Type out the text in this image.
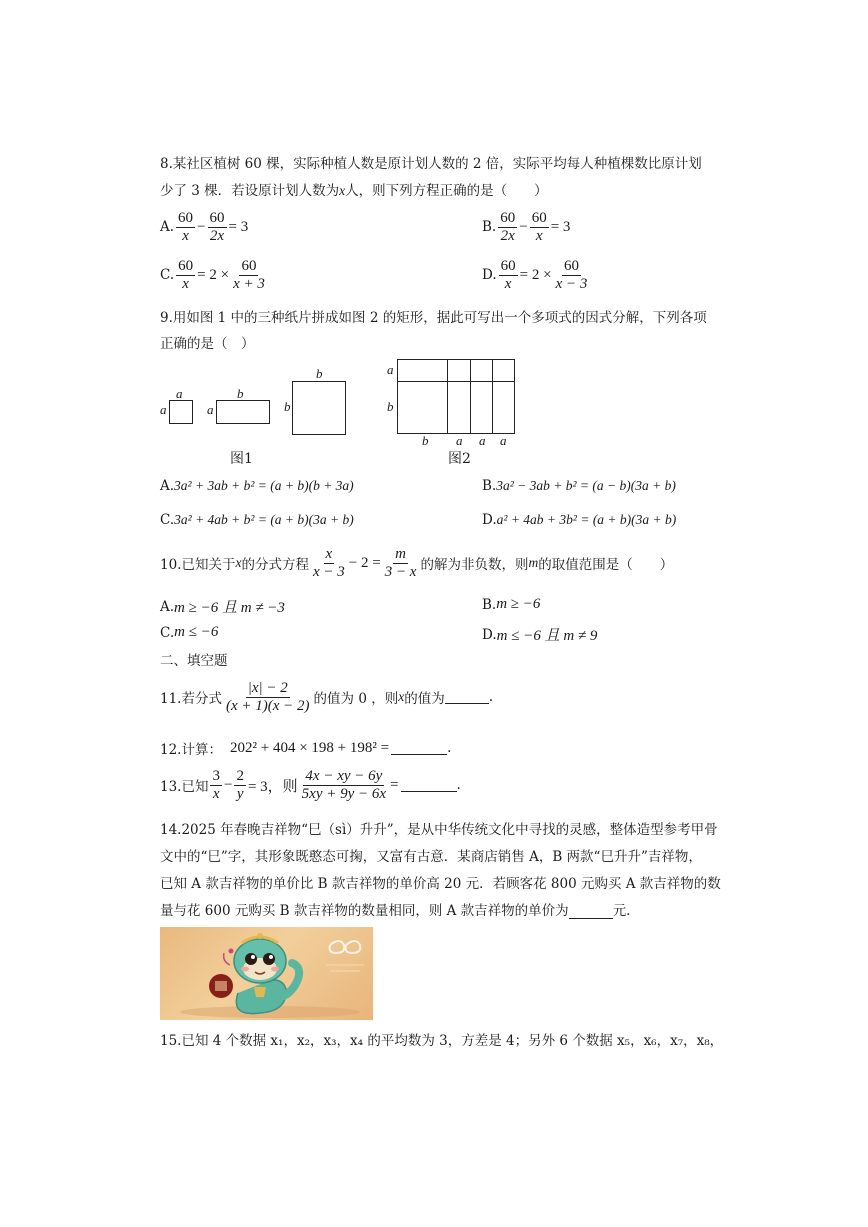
8.某社区植树 60 棵，实际种植人数是原计划人数的 2 倍，实际平均每人种植棵数比原计划
少了 3 棵．若设原计划人数为x人，则下列方程正确的是（　　）
A. $\frac{60}{x} - \frac{60}{2x} = 3$	B. $\frac{60}{2x} - \frac{60}{x} = 3$
C. $\frac{60}{x} = 2 \times \frac{60}{x + 3}$	D. $\frac{60}{x} = 2 \times \frac{60}{x - 3}$
9.用如图 1 中的三种纸片拼成如图 2 的矩形，据此可写出一个多项式的因式分解，下列各项
正确的是（　）
a
a
b
a
b
b
图1
a
b
b a a a
图2
A. 3a² + 3ab + b² = (a + b)(b + 3a)	B. 3a² − 3ab + b² = (a − b)(3a + b)
C. 3a² + 4ab + b² = (a + b)(3a + b)	D. a² + 4ab + 3b² = (a + b)(3a + b)
10.已知关于 x 的分式方程 $\frac{x}{x - 3} - 2 = \frac{m}{3 - x}$ 的解为非负数，则 m 的取值范围是（　　）
A. m ≥ −6 且 m ≠ −3	B. m ≥ −6
C. m ≤ −6	D. m ≤ −6 且 m ≠ 9
二、填空题
11.若分式 $\frac{|x| - 2}{(x + 1)(x - 2)}$ 的值为 0 ，则 x 的值为	.
12.计算： 202² + 404 × 198 + 198² =	.
13.已知 $\frac{3}{x} - \frac{2}{y} = 3$，则 $\frac{4x - xy - 6y}{5xy + 9y - 6x}$ =	.
14.2025 年春晚吉祥物“巳（sì）升升”，是从中华传统文化中寻找的灵感，整体造型参考甲骨
文中的“巳”字，其形象既憨态可掬，又富有古意．某商店销售 A，B 两款“巳升升”吉祥物，
已知 A 款吉祥物的单价比 B 款吉祥物的单价高 20 元．若顾客花 800 元购买 A 款吉祥物的数
量与花 600 元购买 B 款吉祥物的数量相同，则 A 款吉祥物的单价为	元.
15.已知 4 个数据 x₁，x₂，x₃，x₄ 的平均数为 3，方差是 4；另外 6 个数据 x₅，x₆，x₇，x₈，
